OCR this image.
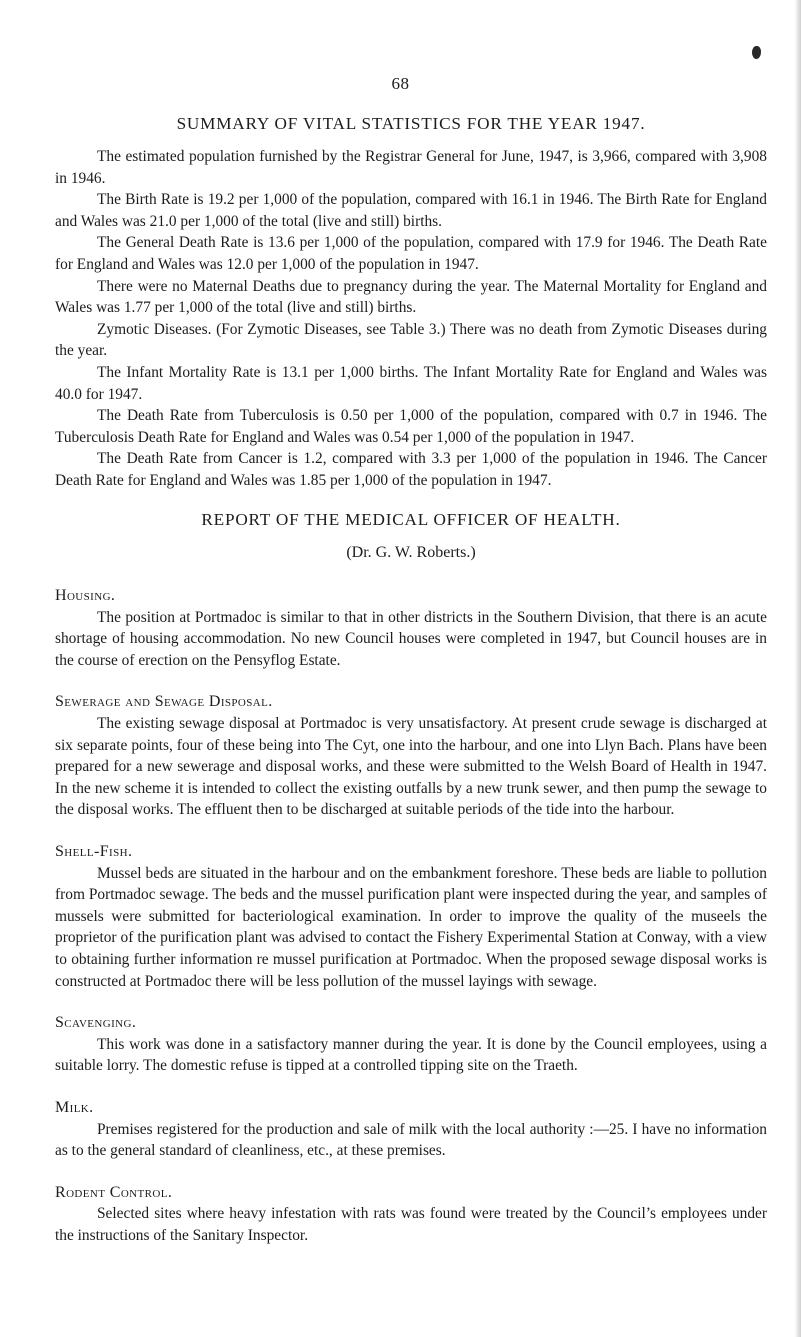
68
SUMMARY OF VITAL STATISTICS FOR THE YEAR 1947.

The estimated population furnished by the Registrar General for June, 1947, is 3,966, compared with 3,908 in 1946.

The Birth Rate is 19.2 per 1,000 of the population, compared with 16.1 in 1946. The Birth Rate for England and Wales was 21.0 per 1,000 of the total (live and still) births.

The General Death Rate is 13.6 per 1,000 of the population, compared with 17.9 for 1946. The Death Rate for England and Wales was 12.0 per 1,000 of the population in 1947.

There were no Maternal Deaths due to pregnancy during the year. The Maternal Mortality for England and Wales was 1.77 per 1,000 of the total (live and still) births.

Zymotic Diseases. (For Zymotic Diseases, see Table 3.) There was no death from Zymotic Diseases during the year.

The Infant Mortality Rate is 13.1 per 1,000 births. The Infant Mortality Rate for England and Wales was 40.0 for 1947.

The Death Rate from Tuberculosis is 0.50 per 1,000 of the population, compared with 0.7 in 1946. The Tuberculosis Death Rate for England and Wales was 0.54 per 1,000 of the population in 1947.

The Death Rate from Cancer is 1.2, compared with 3.3 per 1,000 of the population in 1946. The Cancer Death Rate for England and Wales was 1.85 per 1,000 of the population in 1947.

REPORT OF THE MEDICAL OFFICER OF HEALTH.
(Dr. G. W. Roberts.)
Housing.

The position at Portmadoc is similar to that in other districts in the Southern Division, that there is an acute shortage of housing accommodation. No new Council houses were completed in 1947, but Council houses are in the course of erection on the Pensyflog Estate.

Sewerage and Sewage Disposal.

The existing sewage disposal at Portmadoc is very unsatisfactory. At present crude sewage is discharged at six separate points, four of these being into The Cyt, one into the harbour, and one into Llyn Bach. Plans have been prepared for a new sewerage and disposal works, and these were submitted to the Welsh Board of Health in 1947. In the new scheme it is intended to collect the existing outfalls by a new trunk sewer, and then pump the sewage to the disposal works. The effluent then to be discharged at suitable periods of the tide into the harbour.

Shell-Fish.

Mussel beds are situated in the harbour and on the embankment foreshore. These beds are liable to pollution from Portmadoc sewage. The beds and the mussel purification plant were inspected during the year, and samples of mussels were submitted for bacteriological examination. In order to improve the quality of the museels the proprietor of the purification plant was advised to contact the Fishery Experimental Station at Conway, with a view to obtaining further information re mussel purification at Portmadoc. When the proposed sewage disposal works is constructed at Portmadoc there will be less pollution of the mussel layings with sewage.

Scavenging.

This work was done in a satisfactory manner during the year. It is done by the Council employees, using a suitable lorry. The domestic refuse is tipped at a controlled tipping site on the Traeth.

Milk.

Premises registered for the production and sale of milk with the local authority :—25. I have no information as to the general standard of cleanliness, etc., at these premises.

Rodent Control.

Selected sites where heavy infestation with rats was found were treated by the Council’s employees under the instructions of the Sanitary Inspector.
